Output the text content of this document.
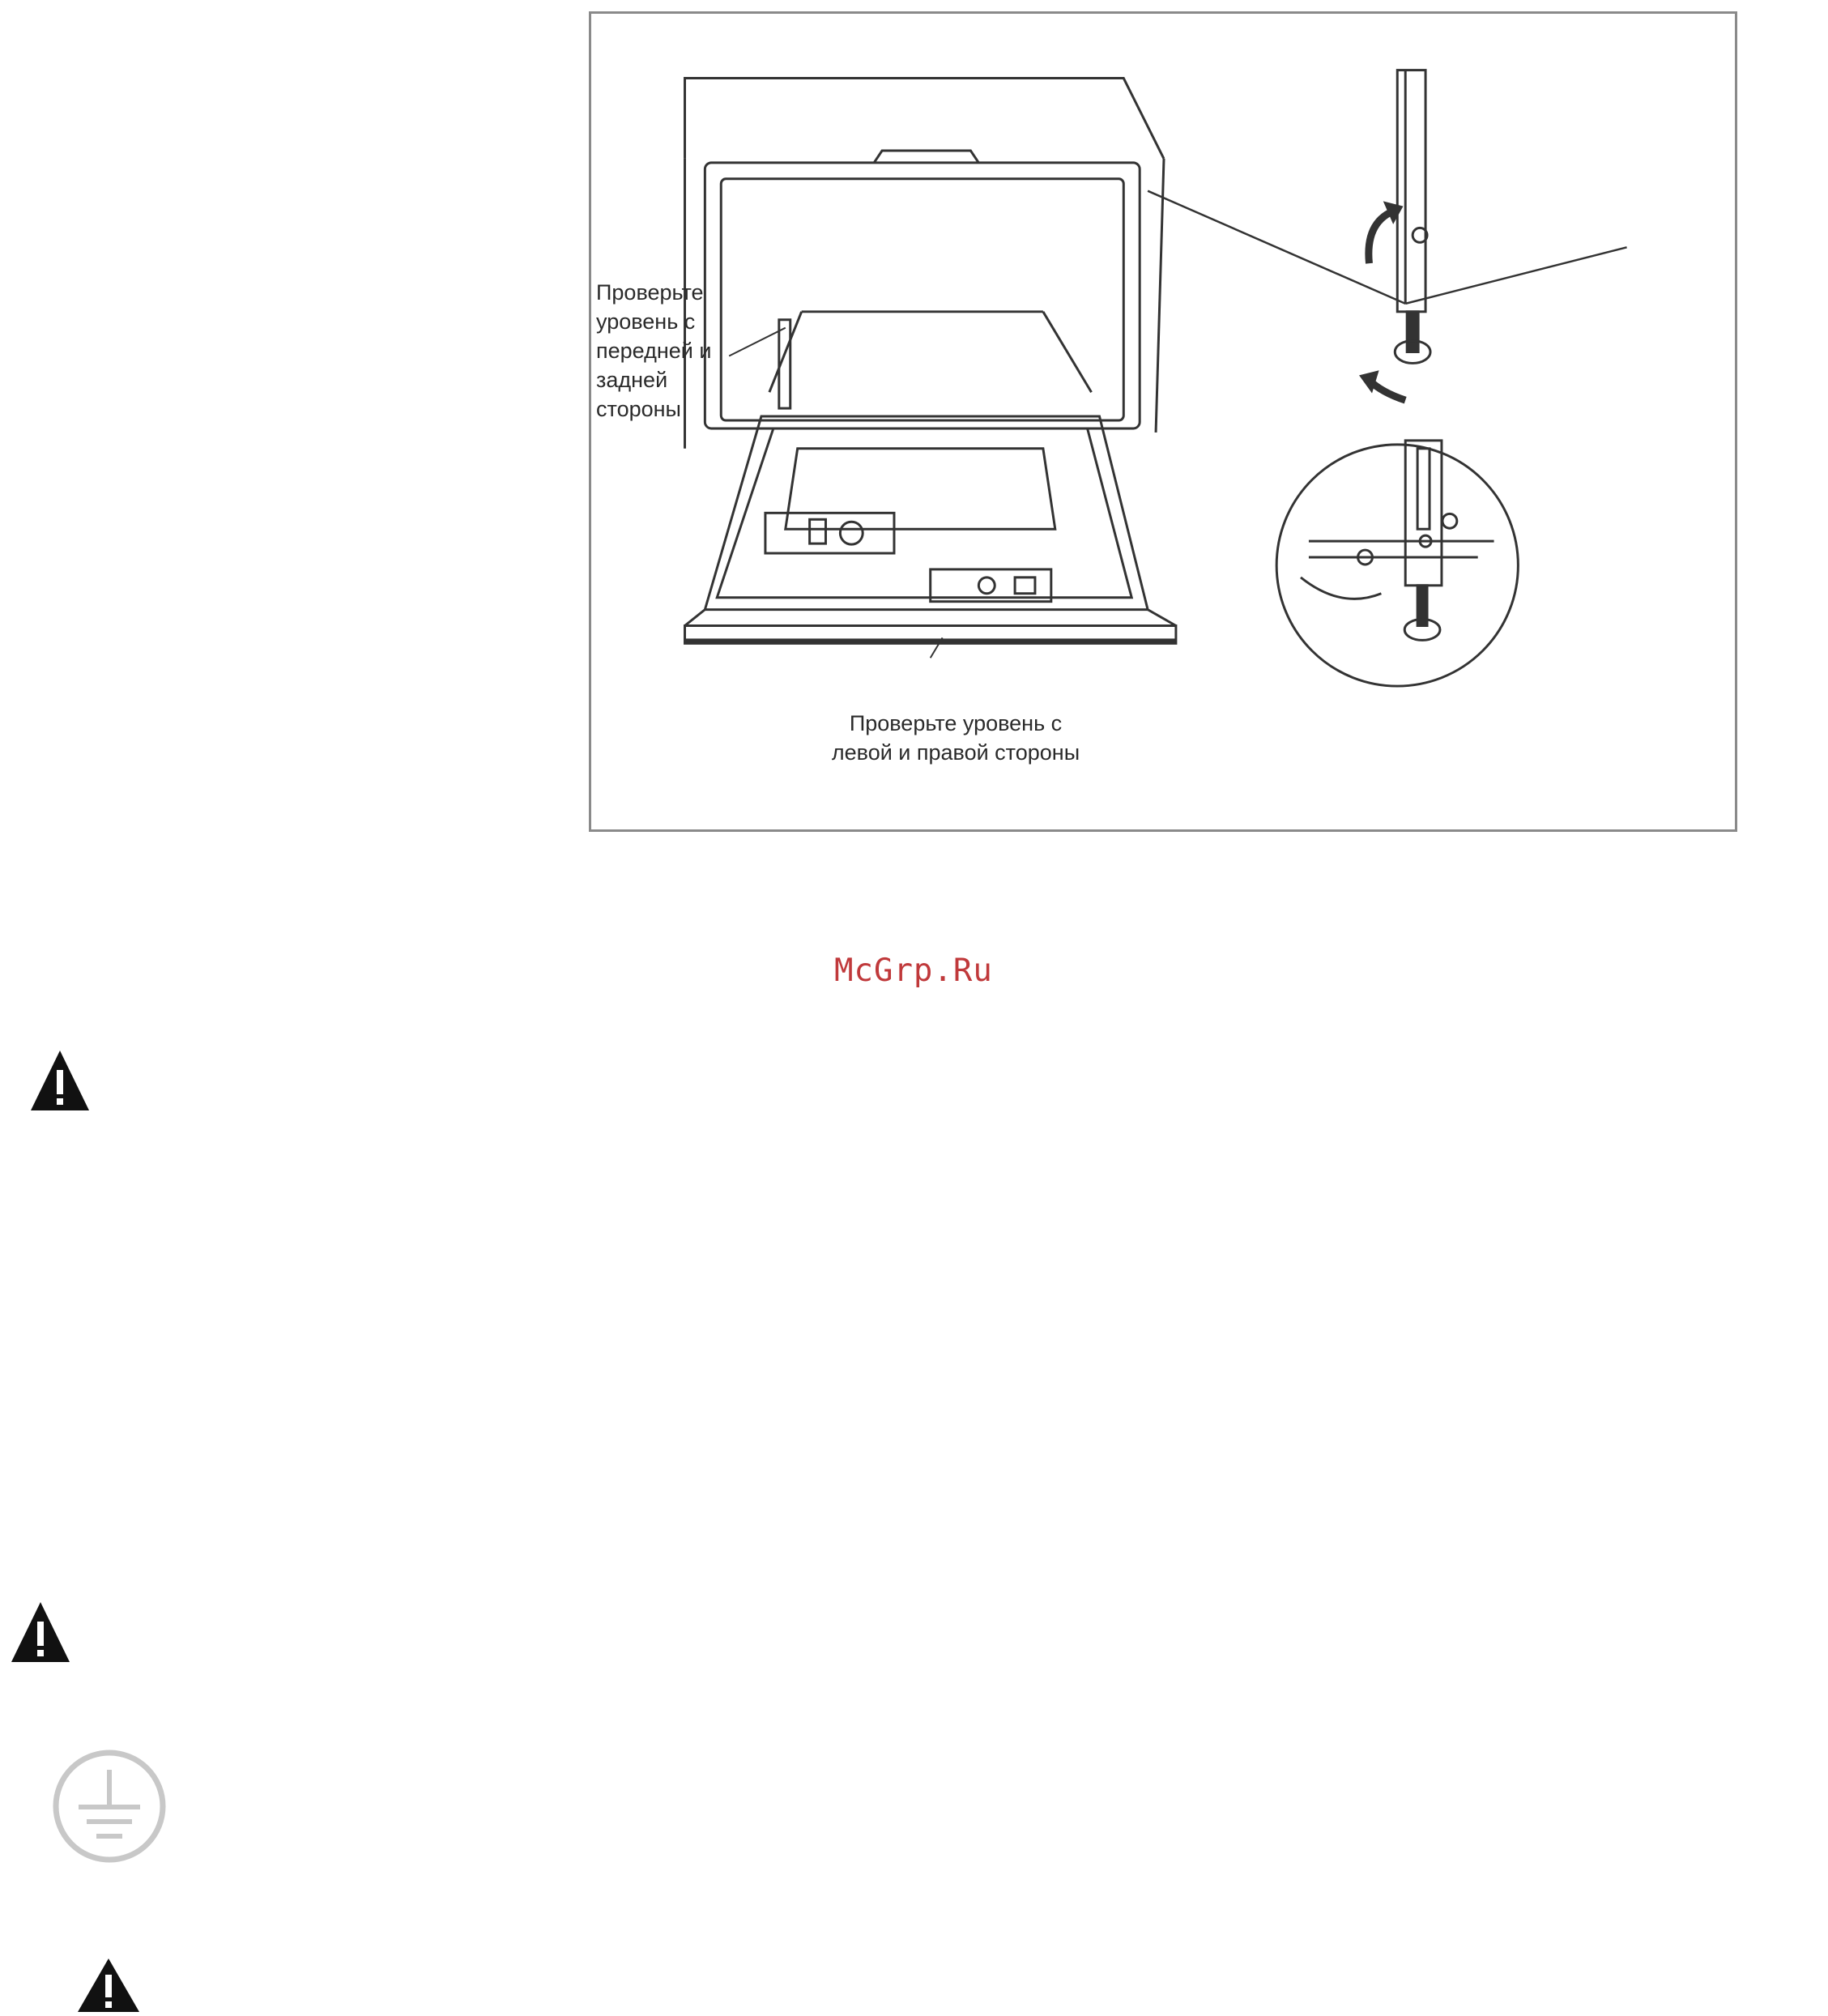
Проверьте
уровень с
передней и
задней
стороны
Проверьте уровень с
левой и правой стороны
McGrp.Ru
